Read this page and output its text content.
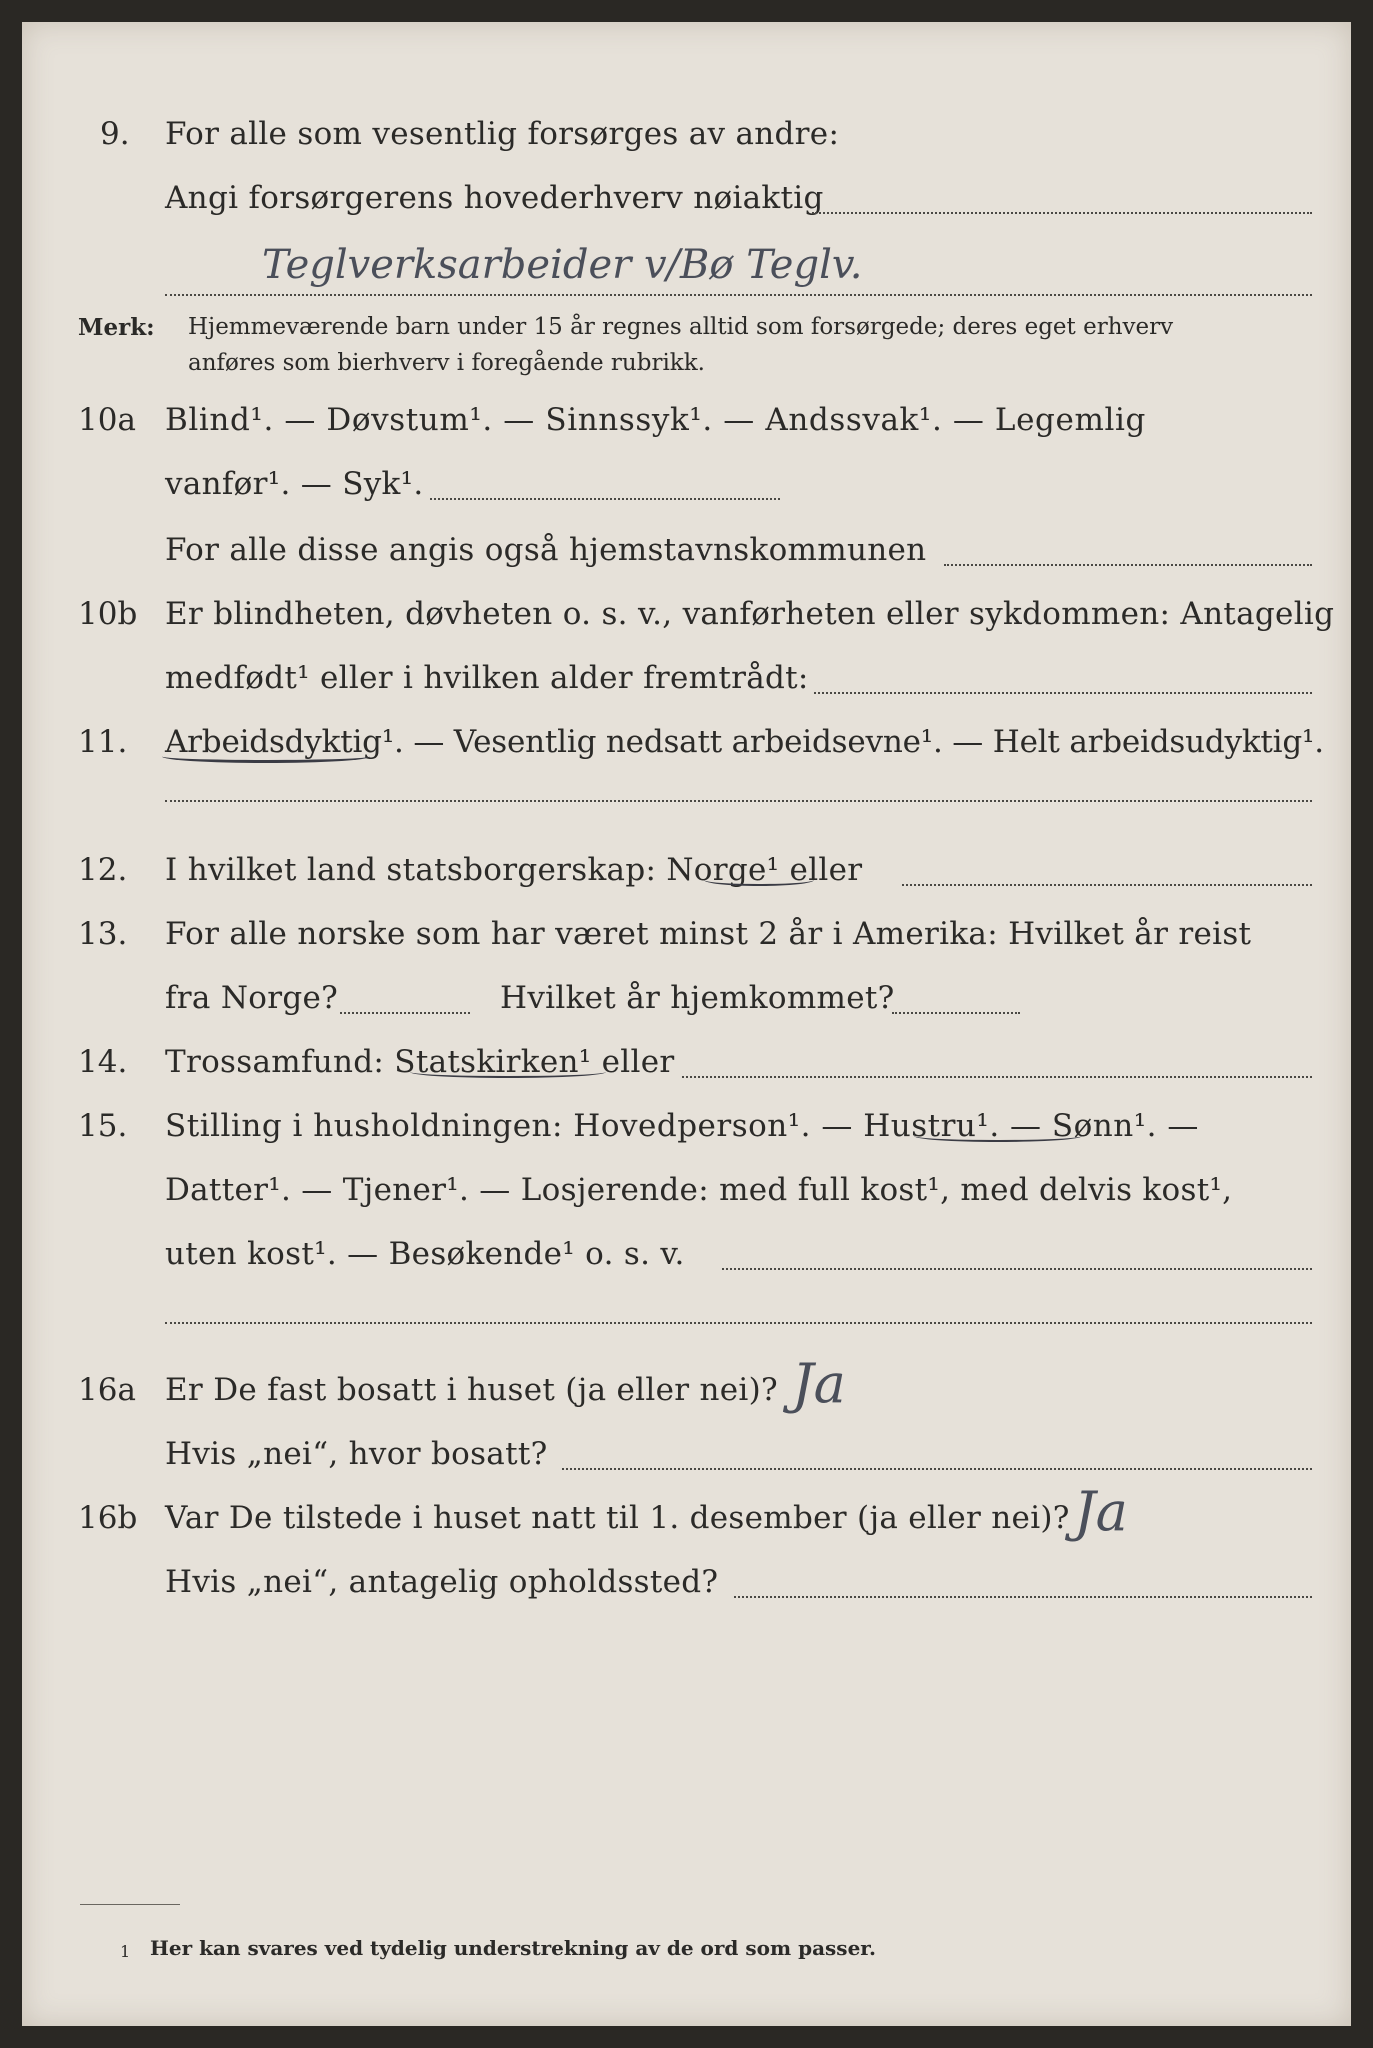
9. For alle som vesentlig forsørges av andre:
Angi forsørgerens hovederhverv nøiaktig
Teglverksarbeider v/Bø Teglv.
Merk: Hjemmeværende barn under 15 år regnes alltid som forsørgede; deres eget erhverv
anføres som bierhverv i foregående rubrikk.
10a Blind¹. — Døvstum¹. — Sinnssyk¹. — Andssvak¹. — Legemlig
vanfør¹. — Syk¹.
For alle disse angis også hjemstavnskommunen
10b Er blindheten, døvheten o. s. v., vanførheten eller sykdommen: Antagelig
medfødt¹ eller i hvilken alder fremtrådt:
11. Arbeidsdyktig¹. — Vesentlig nedsatt arbeidsevne¹. — Helt arbeidsudyktig¹.
12. I hvilket land statsborgerskap: Norge¹ eller
13. For alle norske som har været minst 2 år i Amerika: Hvilket år reist
fra Norge?	Hvilket år hjemkommet?
14. Trossamfund: Statskirken¹ eller
15. Stilling i husholdningen: Hovedperson¹. — Hustru¹. — Sønn¹. —
Datter¹. — Tjener¹. — Losjerende: med full kost¹, med delvis kost¹,
uten kost¹. — Besøkende¹ o. s. v.
16a Er De fast bosatt i huset (ja eller nei)? Ja
Hvis „nei“, hvor bosatt?
16b Var De tilstede i huset natt til 1. desember (ja eller nei)? Ja
Hvis „nei“, antagelig opholdssted?
1 Her kan svares ved tydelig understrekning av de ord som passer.
